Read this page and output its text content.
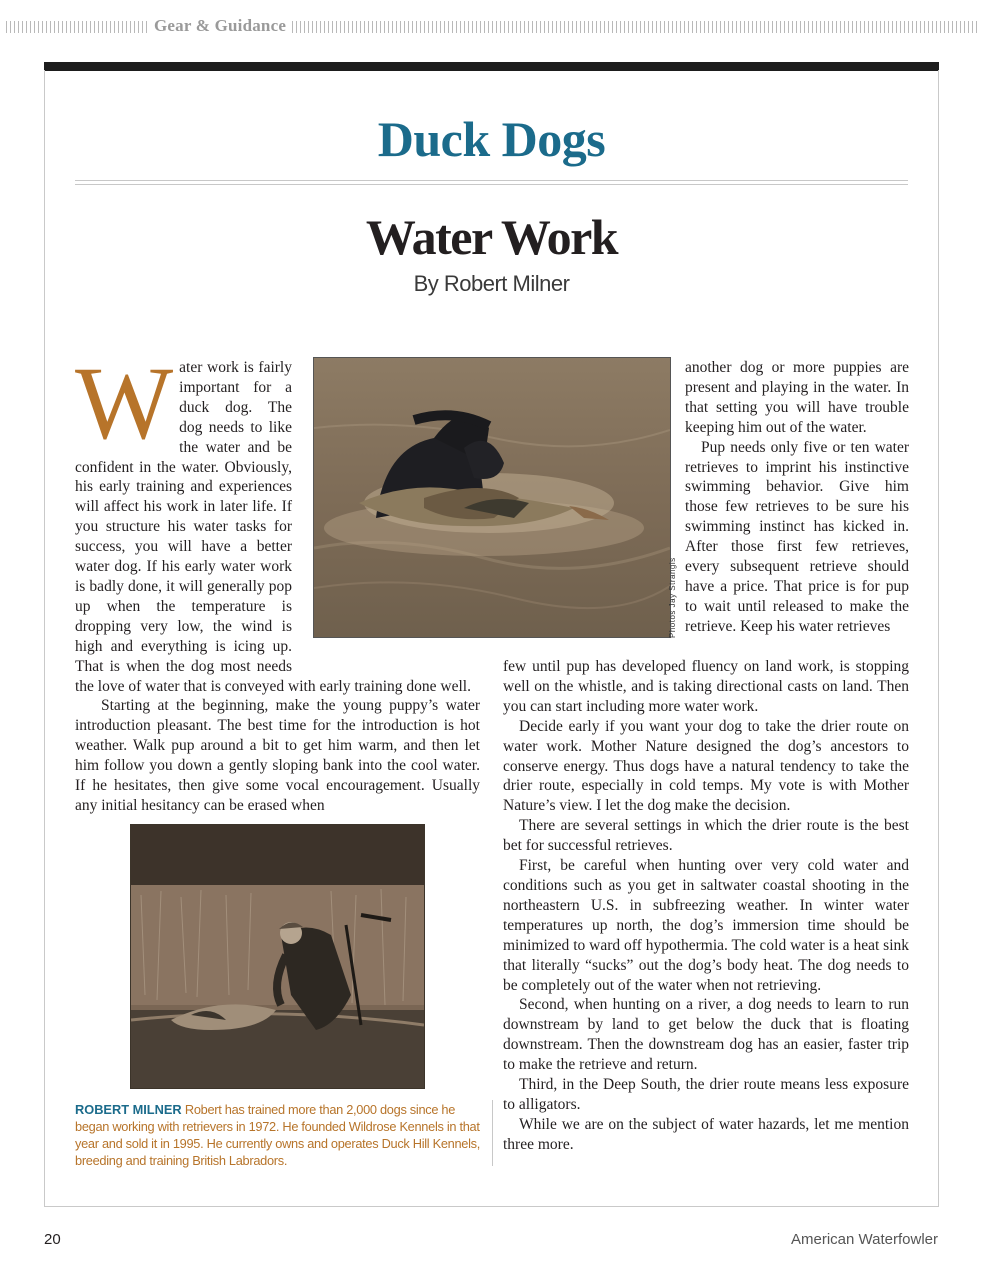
Gear & Guidance
Duck Dogs
Water Work
By Robert Milner
W ater work is fairly important for a duck dog. The dog needs to like the water and be confident in the water. Obviously, his early training and experiences will affect his work in later life. If you structure his water tasks for success, you will have a better water dog. If his early water work is badly done, it will generally pop up when the temperature is dropping very low, the wind is high and everything is icing up. That is when the dog most needs the love of water that is conveyed with early training done well.

Starting at the beginning, make the young puppy’s water introduction pleasant. The best time for the introduction is hot weather. Walk pup around a bit to get him warm, and then let him follow you down a gently sloping bank into the cool water. If he hesitates, then give some vocal encouragement. Usually any initial hesitancy can be erased when

Photos Jay Strangis

another dog or more puppies are present and playing in the water. In that setting you will have trouble keeping him out of the water.

Pup needs only five or ten water retrieves to imprint his instinctive swimming behavior. Give him those few retrieves to be sure his swimming instinct has kicked in. After those first few retrieves, every subsequent retrieve should have a price. That price is for pup to wait until released to make the retrieve. Keep his water retrieves

few until pup has developed fluency on land work, is stopping well on the whistle, and is taking directional casts on land. Then you can start including more water work.

Decide early if you want your dog to take the drier route on water work. Mother Nature designed the dog’s ancestors to conserve energy. Thus dogs have a natural tendency to take the drier route, especially in cold temps. My vote is with Mother Nature’s view. I let the dog make the decision.

There are several settings in which the drier route is the best bet for successful retrieves.

First, be careful when hunting over very cold water and conditions such as you get in saltwater coastal shooting in the northeastern U.S. in subfreezing weather. In winter water temperatures up north, the dog’s immersion time should be minimized to ward off hypothermia. The cold water is a heat sink that literally “sucks” out the dog’s body heat. The dog needs to be completely out of the water when not retrieving.

Second, when hunting on a river, a dog needs to learn to run downstream by land to get below the duck that is floating downstream. Then the downstream dog has an easier, faster trip to make the retrieve and return.

Third, in the Deep South, the drier route means less exposure to alligators.

While we are on the subject of water hazards, let me mention three more.

ROBERT MILNER Robert has trained more than 2,000 dogs since he began working with retrievers in 1972. He founded Wildrose Kennels in that year and sold it in 1995. He currently owns and operates Duck Hill Kennels, breeding and training British Labradors.
20	American Waterfowler
